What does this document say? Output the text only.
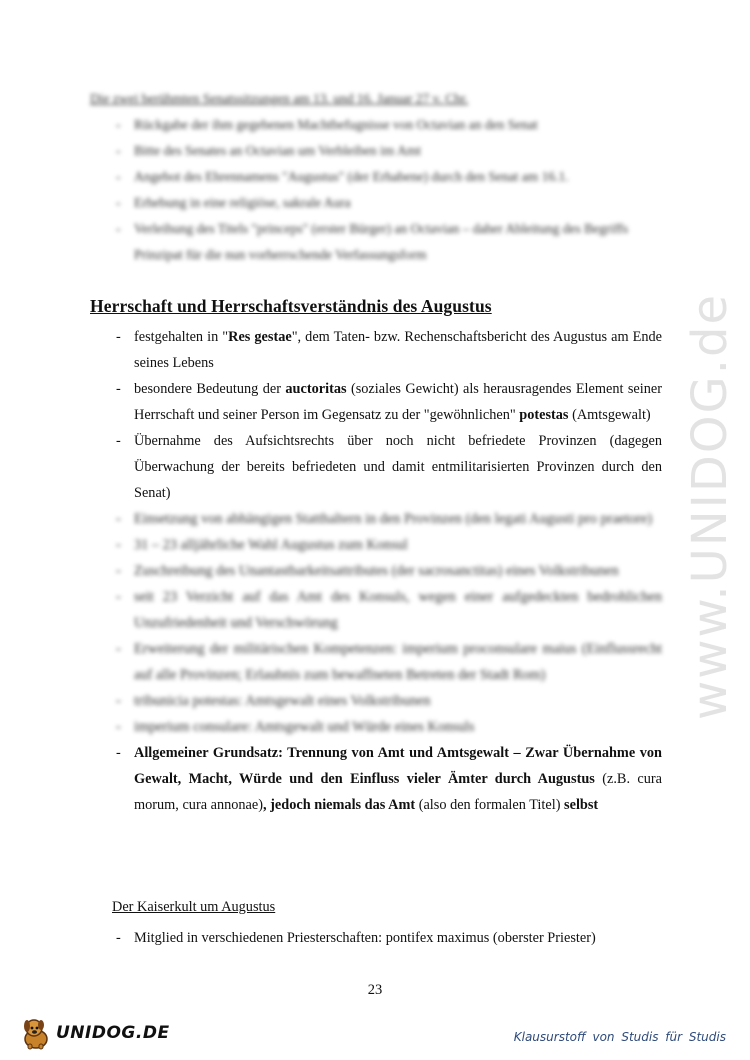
Die zwei berühmten Senatssitzungen am 13. und 16. Januar 27 v. Chr.
- Rückgabe der ihm gegebenen Machtbefugnisse von Octavian an den Senat
- Bitte des Senates an Octavian um Verbleiben im Amt
- Angebot des Ehrennamens "Augustus" (der Erhabene) durch den Senat am 16.1.
- Erhebung in eine religiöse, sakrale Aura
- Verleihung des Titels "princeps" (erster Bürger) an Octavian – daher Ableitung des Begriffs Prinzipat für die nun vorherrschende Verfassungsform
Herrschaft und Herrschaftsverständnis des Augustus
- festgehalten in "Res gestae", dem Taten- bzw. Rechenschaftsbericht des Augustus am Ende seines Lebens
- besondere Bedeutung der auctoritas (soziales Gewicht) als herausragendes Element seiner Herrschaft und seiner Person im Gegensatz zu der "gewöhnlichen" potestas (Amtsgewalt)
- Übernahme des Aufsichtsrechts über noch nicht befriedete Provinzen (dagegen Überwachung der bereits befriedeten und damit entmilitarisierten Provinzen durch den Senat)
- Einsetzung von abhängigen Statthaltern in den Provinzen (den legati Augusti pro praetore)
- 31 – 23 alljährliche Wahl Augustus zum Konsul
- Zuschreibung des Unantastbarkeitsattributes (der sacrosanctitas) eines Volkstribunen
- seit 23 Verzicht auf das Amt des Konsuls, wegen einer aufgedeckten bedrohlichen Unzufriedenheit und Verschwörung
- Erweiterung der militärischen Kompetenzen: imperium proconsulare maius (Einflussrecht auf alle Provinzen; Erlaubnis zum bewaffneten Betreten der Stadt Rom)
- tribunicia potestas: Amtsgewalt eines Volkstribunen
- imperium consulare: Amtsgewalt und Würde eines Konsuls
- Allgemeiner Grundsatz: Trennung von Amt und Amtsgewalt – Zwar Übernahme von Gewalt, Macht, Würde und den Einfluss vieler Ämter durch Augustus (z.B. cura morum, cura annonae), jedoch niemals das Amt (also den formalen Titel) selbst
Der Kaiserkult um Augustus
- Mitglied in verschiedenen Priesterschaften: pontifex maximus (oberster Priester)
23
www.UNIDOG.de
UNIDOG.DE	Klausurstoff von Studis für Studis
